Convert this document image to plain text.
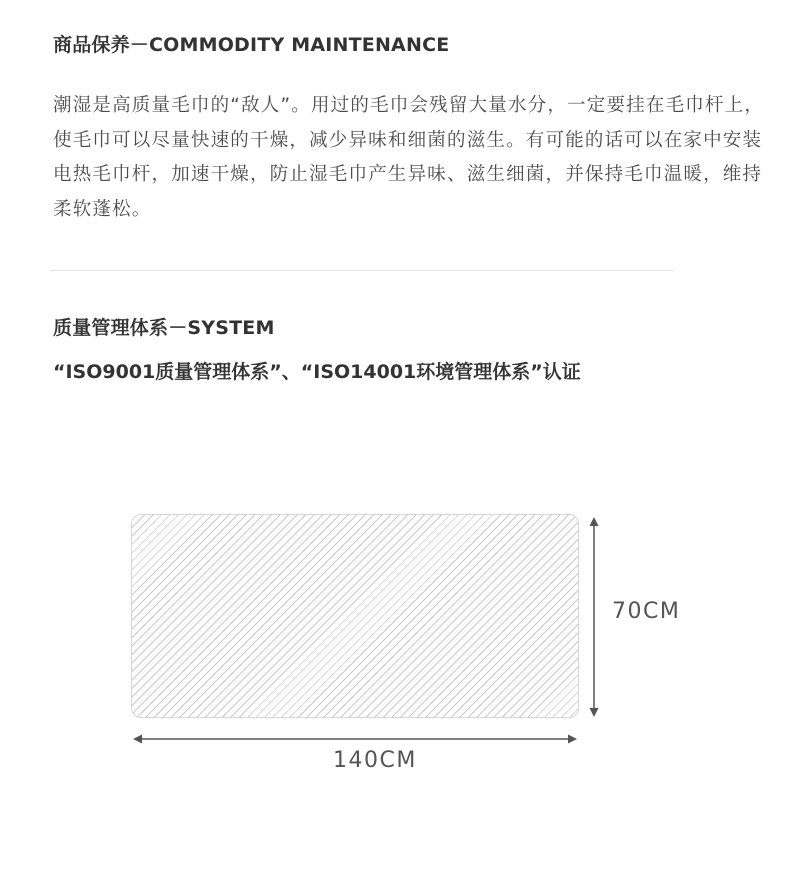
商品保养－COMMODITY MAINTENANCE

潮湿是高质量毛巾的“敌人”。用过的毛巾会残留大量水分，一定要挂在毛巾杆上，使毛巾可以尽量快速的干燥，减少异味和细菌的滋生。有可能的话可以在家中安装电热毛巾杆，加速干燥，防止湿毛巾产生异味、滋生细菌，并保持毛巾温暖，维持柔软蓬松。

质量管理体系－SYSTEM

“ISO9001质量管理体系”、“ISO14001环境管理体系”认证

70CM

140CM
